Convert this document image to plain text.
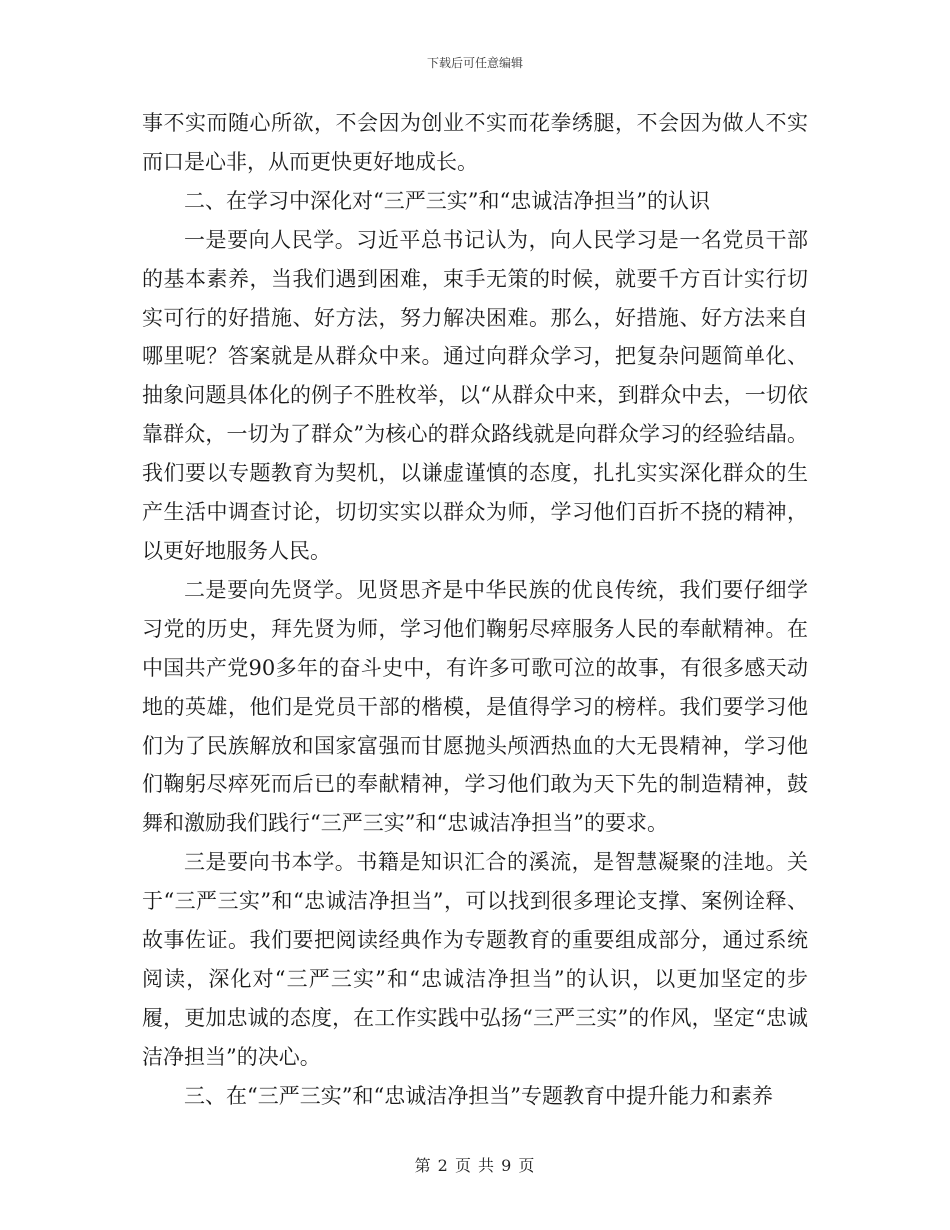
下载后可任意编辑

事不实而随心所欲，不会因为创业不实而花拳绣腿，不会因为做人不实而口是心非，从而更快更好地成长。

二、在学习中深化对“三严三实”和“忠诚洁净担当”的认识

一是要向人民学。习近平总书记认为，向人民学习是一名党员干部的基本素养，当我们遇到困难，束手无策的时候，就要千方百计实行切实可行的好措施、好方法，努力解决困难。那么，好措施、好方法来自哪里呢？答案就是从群众中来。通过向群众学习，把复杂问题简单化、抽象问题具体化的例子不胜枚举，以“从群众中来，到群众中去，一切依靠群众，一切为了群众”为核心的群众路线就是向群众学习的经验结晶。我们要以专题教育为契机，以谦虚谨慎的态度，扎扎实实深化群众的生产生活中调查讨论，切切实实以群众为师，学习他们百折不挠的精神，以更好地服务人民。

二是要向先贤学。见贤思齐是中华民族的优良传统，我们要仔细学习党的历史，拜先贤为师，学习他们鞠躬尽瘁服务人民的奉献精神。在中国共产党90多年的奋斗史中，有许多可歌可泣的故事，有很多感天动地的英雄，他们是党员干部的楷模，是值得学习的榜样。我们要学习他们为了民族解放和国家富强而甘愿抛头颅洒热血的大无畏精神，学习他们鞠躬尽瘁死而后已的奉献精神，学习他们敢为天下先的制造精神，鼓舞和激励我们践行“三严三实”和“忠诚洁净担当”的要求。

三是要向书本学。书籍是知识汇合的溪流，是智慧凝聚的洼地。关于“三严三实”和“忠诚洁净担当”，可以找到很多理论支撑、案例诠释、故事佐证。我们要把阅读经典作为专题教育的重要组成部分，通过系统阅读，深化对“三严三实”和“忠诚洁净担当”的认识，以更加坚定的步履，更加忠诚的态度，在工作实践中弘扬“三严三实”的作风，坚定“忠诚洁净担当”的决心。

三、在“三严三实”和“忠诚洁净担当”专题教育中提升能力和素养

第 2 页 共 9 页
